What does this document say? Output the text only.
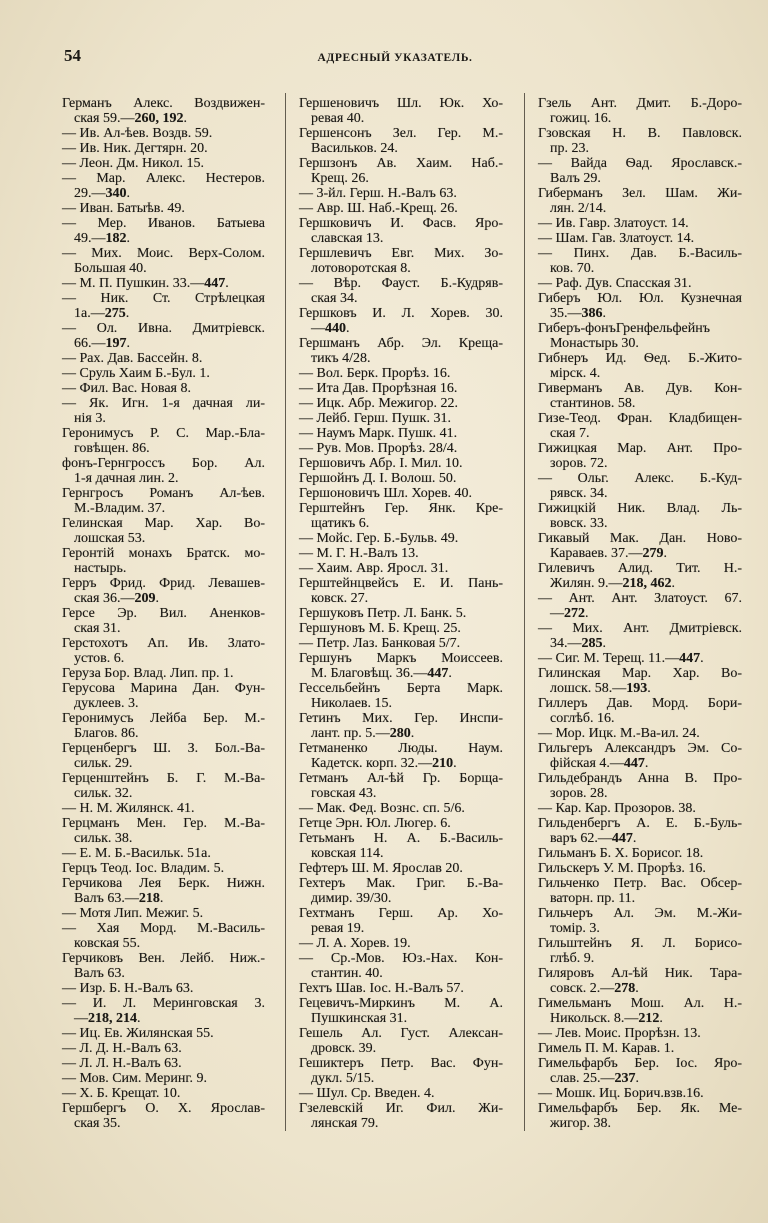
54	АДРЕСНЫЙ УКАЗАТЕЛЬ.
Германъ Алекс. Воздвижен-
ская 59.—260, 192.
— Ив. Ал-ѣев. Воздв. 59.
— Ив. Ник. Дегтярн. 20.
— Леон. Дм. Никол. 15.
— Мар. Алекс. Нестеров.
29.—340.
— Иван. Батыѣв. 49.
— Мер. Иванов. Батыева
49.—182.
— Мих. Моис. Верх-Солом.
Большая 40.
— М. П. Пушкин. 33.—447.
— Ник. Ст. Стрѣлецкая
1а.—275.
— Ол. Ивна. Дмитріевск.
66.—197.
— Рах. Дав. Бассейн. 8.
— Сруль Хаим Б.-Бул. 1.
— Фил. Вас. Новая 8.
— Як. Игн. 1-я дачная ли-
нія 3.
Геронимусъ Р. С. Мар.-Бла-
говѣщен. 86.
фонъ-Гернгроссъ Бор. Ал.
1-я дачная лин. 2.
Гернгросъ Романъ Ал-ѣев.
М.-Владим. 37.
Гелинская Мар. Хар. Во-
лошская 53.
Геронтій монахъ Братск. мо-
настырь.
Герръ Фрид. Фрид. Левашев-
ская 36.—209.
Герсе Эр. Вил. Аненков-
ская 31.
Герстохотъ Ап. Ив. Злато-
устов. 6.
Геруза Бор. Влад. Лип. пр. 1.
Герусова Марина Дан. Фун-
дуклеев. 3.
Геронимусъ Лейба Бер. М.-
Благов. 86.
Герценбергъ Ш. З. Бол.-Ва-
сильк. 29.
Герценштейнъ Б. Г. М.-Ва-
сильк. 32.
— Н. М. Жилянск. 41.
Герцманъ Мен. Гер. М.-Ва-
сильк. 38.
— Е. М. Б.-Васильк. 51а.
Герцъ Теод. Іос. Владим. 5.
Герчикова Лея Берк. Нижн.
Валъ 63.—218.
— Мотя Лип. Межиг. 5.
— Хая Морд. М.-Василь-
ковская 55.
Герчиковъ Вен. Лейб. Ниж.-
Валъ 63.
— Изр. Б. Н.-Валъ 63.
— И. Л. Меринговская 3.
—218, 214.
— Иц. Ев. Жилянская 55.
— Л. Д. Н.-Валъ 63.
— Л. Л. Н.-Валъ 63.
— Мов. Сим. Меринг. 9.
— Х. Б. Крещат. 10.
Гершбергъ О. Х. Ярослав-
ская 35.
Гершеновичъ Шл. Юк. Хо-
ревая 40.
Гершенсонъ Зел. Гер. М.-
Васильков. 24.
Гершзонъ Ав. Хаим. Наб.-
Крещ. 26.
— 3-йл. Герш. Н.-Валъ 63.
— Авр. Ш. Наб.-Крещ. 26.
Гершковичъ И. Фасв. Яро-
славская 13.
Гершлевичъ Евг. Мих. Зо-
лотоворотская 8.
— Вѣр. Фауст. Б.-Кудряв-
ская 34.
Гершковъ И. Л. Хорев. 30.
—440.
Гершманъ Абр. Эл. Креща-
тикъ 4/28.
— Вол. Берк. Прорѣз. 16.
— Ита Дав. Прорѣзная 16.
— Ицк. Абр. Межигор. 22.
— Лейб. Герш. Пушк. 31.
— Наумъ Марк. Пушк. 41.
— Рув. Мов. Прорѣз. 28/4.
Гершовичъ Абр. І. Мил. 10.
Гершойнъ Д. І. Волош. 50.
Гершоновичъ Шл. Хорев. 40.
Герштейнъ Гер. Янк. Кре-
щатикъ 6.
— Мойс. Гер. Б.-Бульв. 49.
— М. Г. Н.-Валъ 13.
— Хаим. Авр. Яросл. 31.
Герштейнцвейсъ Е. И. Пань-
ковск. 27.
Гершуковъ Петр. Л. Банк. 5.
Гершуновъ М. Б. Крещ. 25.
— Петр. Лаз. Банковая 5/7.
Гершунъ Маркъ Моиссеев.
М. Благовѣщ. 36.—447.
Гессельбейнъ Берта Марк.
Николаев. 15.
Гетинъ Мих. Гер. Инспи-
лант. пр. 5.—280.
Гетманенко Люды. Наум.
Кадетск. корп. 32.—210.
Гетманъ Ал-ѣй Гр. Борща-
говская 43.
— Мак. Фед. Вознс. сп. 5/6.
Гетце Эрн. Юл. Люгер. 6.
Гетьманъ Н. А. Б.-Василь-
ковская 114.
Гефтеръ Ш. М. Ярослав 20.
Гехтеръ Мак. Григ. Б.-Ва-
димир. 39/30.
Гехтманъ Герш. Ар. Хо-
ревая 19.
— Л. А. Хорев. 19.
— Ср.-Мов. Юз.-Нах. Кон-
стантин. 40.
Гехтъ Шав. Іос. Н.-Валъ 57.
Гецевичъ-Миркинъ М. А.
Пушкинская 31.
Гешель Ал. Густ. Алексан-
дровск. 39.
Гешиктеръ Петр. Вас. Фун-
дукл. 5/15.
— Шул. Ср. Введен. 4.
Гзелевскій Иг. Фил. Жи-
лянская 79.
Гзель Ант. Дмит. Б.-Доро-
гожиц. 16.
Гзовская Н. В. Павловск.
пр. 23.
— Вайда Ѳад. Ярославск.-
Валъ 29.
Гиберманъ Зел. Шам. Жи-
лян. 2/14.
— Ив. Гавр. Златоуст. 14.
— Шам. Гав. Златоуст. 14.
— Пинх. Дав. Б.-Василь-
ков. 70.
— Раф. Дув. Спасская 31.
Гиберъ Юл. Юл. Кузнечная
35.—386.
Гиберъ-фонъГренфельфейнъ
Монастырь 30.
Гибнеръ Ид. Ѳед. Б.-Жито-
мірск. 4.
Гиверманъ Ав. Дув. Кон-
стантинов. 58.
Гизе-Теод. Фран. Кладбищен-
ская 7.
Гижицкая Мар. Ант. Про-
зоров. 72.
— Ольг. Алекс. Б.-Куд-
рявск. 34.
Гижицкій Ник. Влад. Ль-
вовск. 33.
Гикавый Мак. Дан. Ново-
Караваев. 37.—279.
Гилевичъ Алид. Тит. Н.-
Жилян. 9.—218, 462.
— Ант. Ант. Златоуст. 67.
—272.
— Мих. Ант. Дмитріевск.
34.—285.
— Сиг. М. Терещ. 11.—447.
Гилинская Мар. Хар. Во-
лошск. 58.—193.
Гиллеръ Дав. Морд. Бори-
соглѣб. 16.
— Мор. Ицк. М.-Ва-ил. 24.
Гильгеръ Александръ Эм. Со-
фійская 4.—447.
Гильдебрандъ Анна В. Про-
зоров. 28.
— Кар. Кар. Прозоров. 38.
Гильденбергъ А. Е. Б.-Буль-
варъ 62.—447.
Гильманъ Б. Х. Борисог. 18.
Гильскеръ У. М. Прорѣз. 16.
Гильченко Петр. Вас. Обсер-
ваторн. пр. 11.
Гильчеръ Ал. Эм. М.-Жи-
томір. 3.
Гильштейнъ Я. Л. Борисо-
глѣб. 9.
Гиляровъ Ал-ѣй Ник. Тара-
совск. 2.—278.
Гимельманъ Мош. Ал. Н.-
Никольск. 8.—212.
— Лев. Моис. Прорѣзн. 13.
Гимель П. М. Карав. 1.
Гимельфарбъ Бер. Іос. Яро-
слав. 25.—237.
— Мошк. Иц. Борич.взв.16.
Гимельфарбъ Бер. Як. Ме-
жигор. 38.
